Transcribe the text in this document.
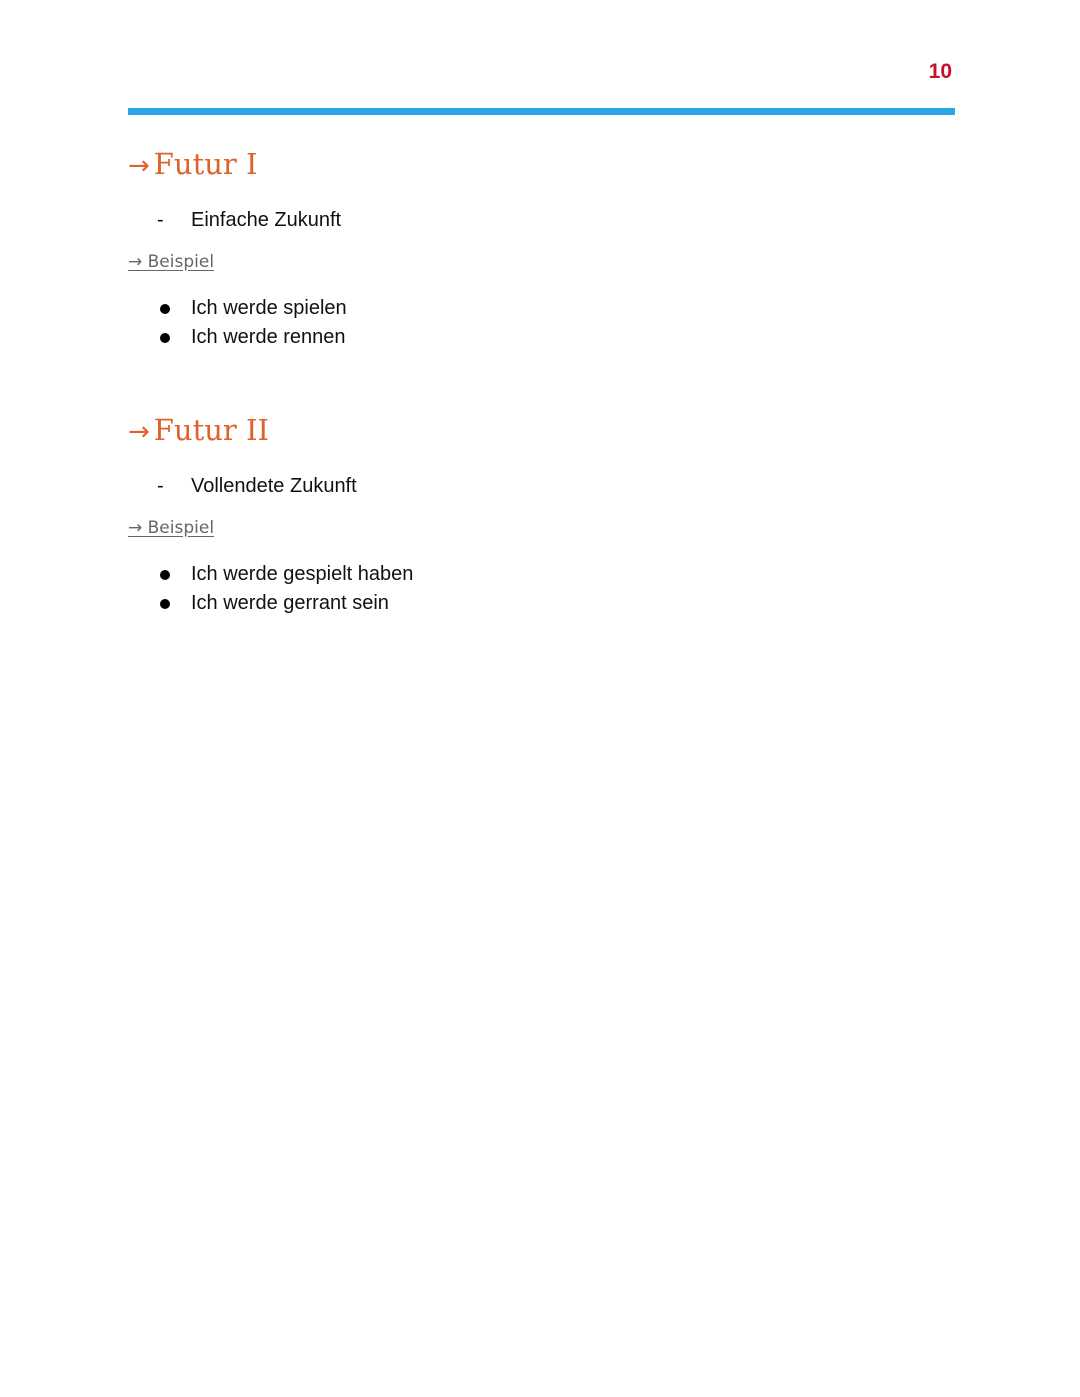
10
→ Futur I
- Einfache Zukunft
→ Beispiel
Ich werde spielen
Ich werde rennen
→ Futur II
- Vollendete Zukunft
→ Beispiel
Ich werde gespielt haben
Ich werde gerrant sein
